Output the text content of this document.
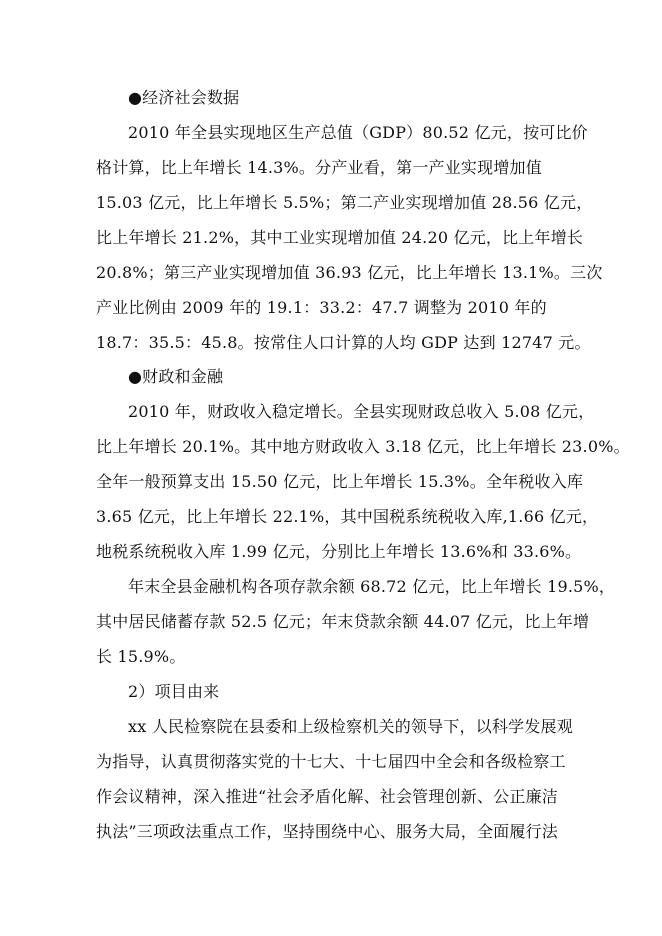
●经济社会数据
2010 年全县实现地区生产总值（GDP）80.52 亿元，按可比价
格计算，比上年增长 14.3%。分产业看，第一产业实现增加值
15.03 亿元，比上年增长 5.5%；第二产业实现增加值 28.56 亿元，
比上年增长 21.2%，其中工业实现增加值 24.20 亿元，比上年增长
20.8%；第三产业实现增加值 36.93 亿元，比上年增长 13.1%。三次
产业比例由 2009 年的 19.1：33.2：47.7 调整为 2010 年的
18.7：35.5：45.8。按常住人口计算的人均 GDP 达到 12747 元。
●财政和金融
2010 年，财政收入稳定增长。全县实现财政总收入 5.08 亿元，
比上年增长 20.1%。其中地方财政收入 3.18 亿元，比上年增长 23.0%。
全年一般预算支出 15.50 亿元，比上年增长 15.3%。全年税收入库
3.65 亿元，比上年增长 22.1%，其中国税系统税收入库,1.66 亿元，
地税系统税收入库 1.99 亿元，分别比上年增长 13.6%和 33.6%。
年末全县金融机构各项存款余额 68.72 亿元，比上年增长 19.5%，
其中居民储蓄存款 52.5 亿元；年末贷款余额 44.07 亿元，比上年增
长 15.9%。
2）项目由来
xx 人民检察院在县委和上级检察机关的领导下，以科学发展观
为指导，认真贯彻落实党的十七大、十七届四中全会和各级检察工
作会议精神，深入推进“社会矛盾化解、社会管理创新、公正廉洁
执法”三项政法重点工作，坚持围绕中心、服务大局，全面履行法
